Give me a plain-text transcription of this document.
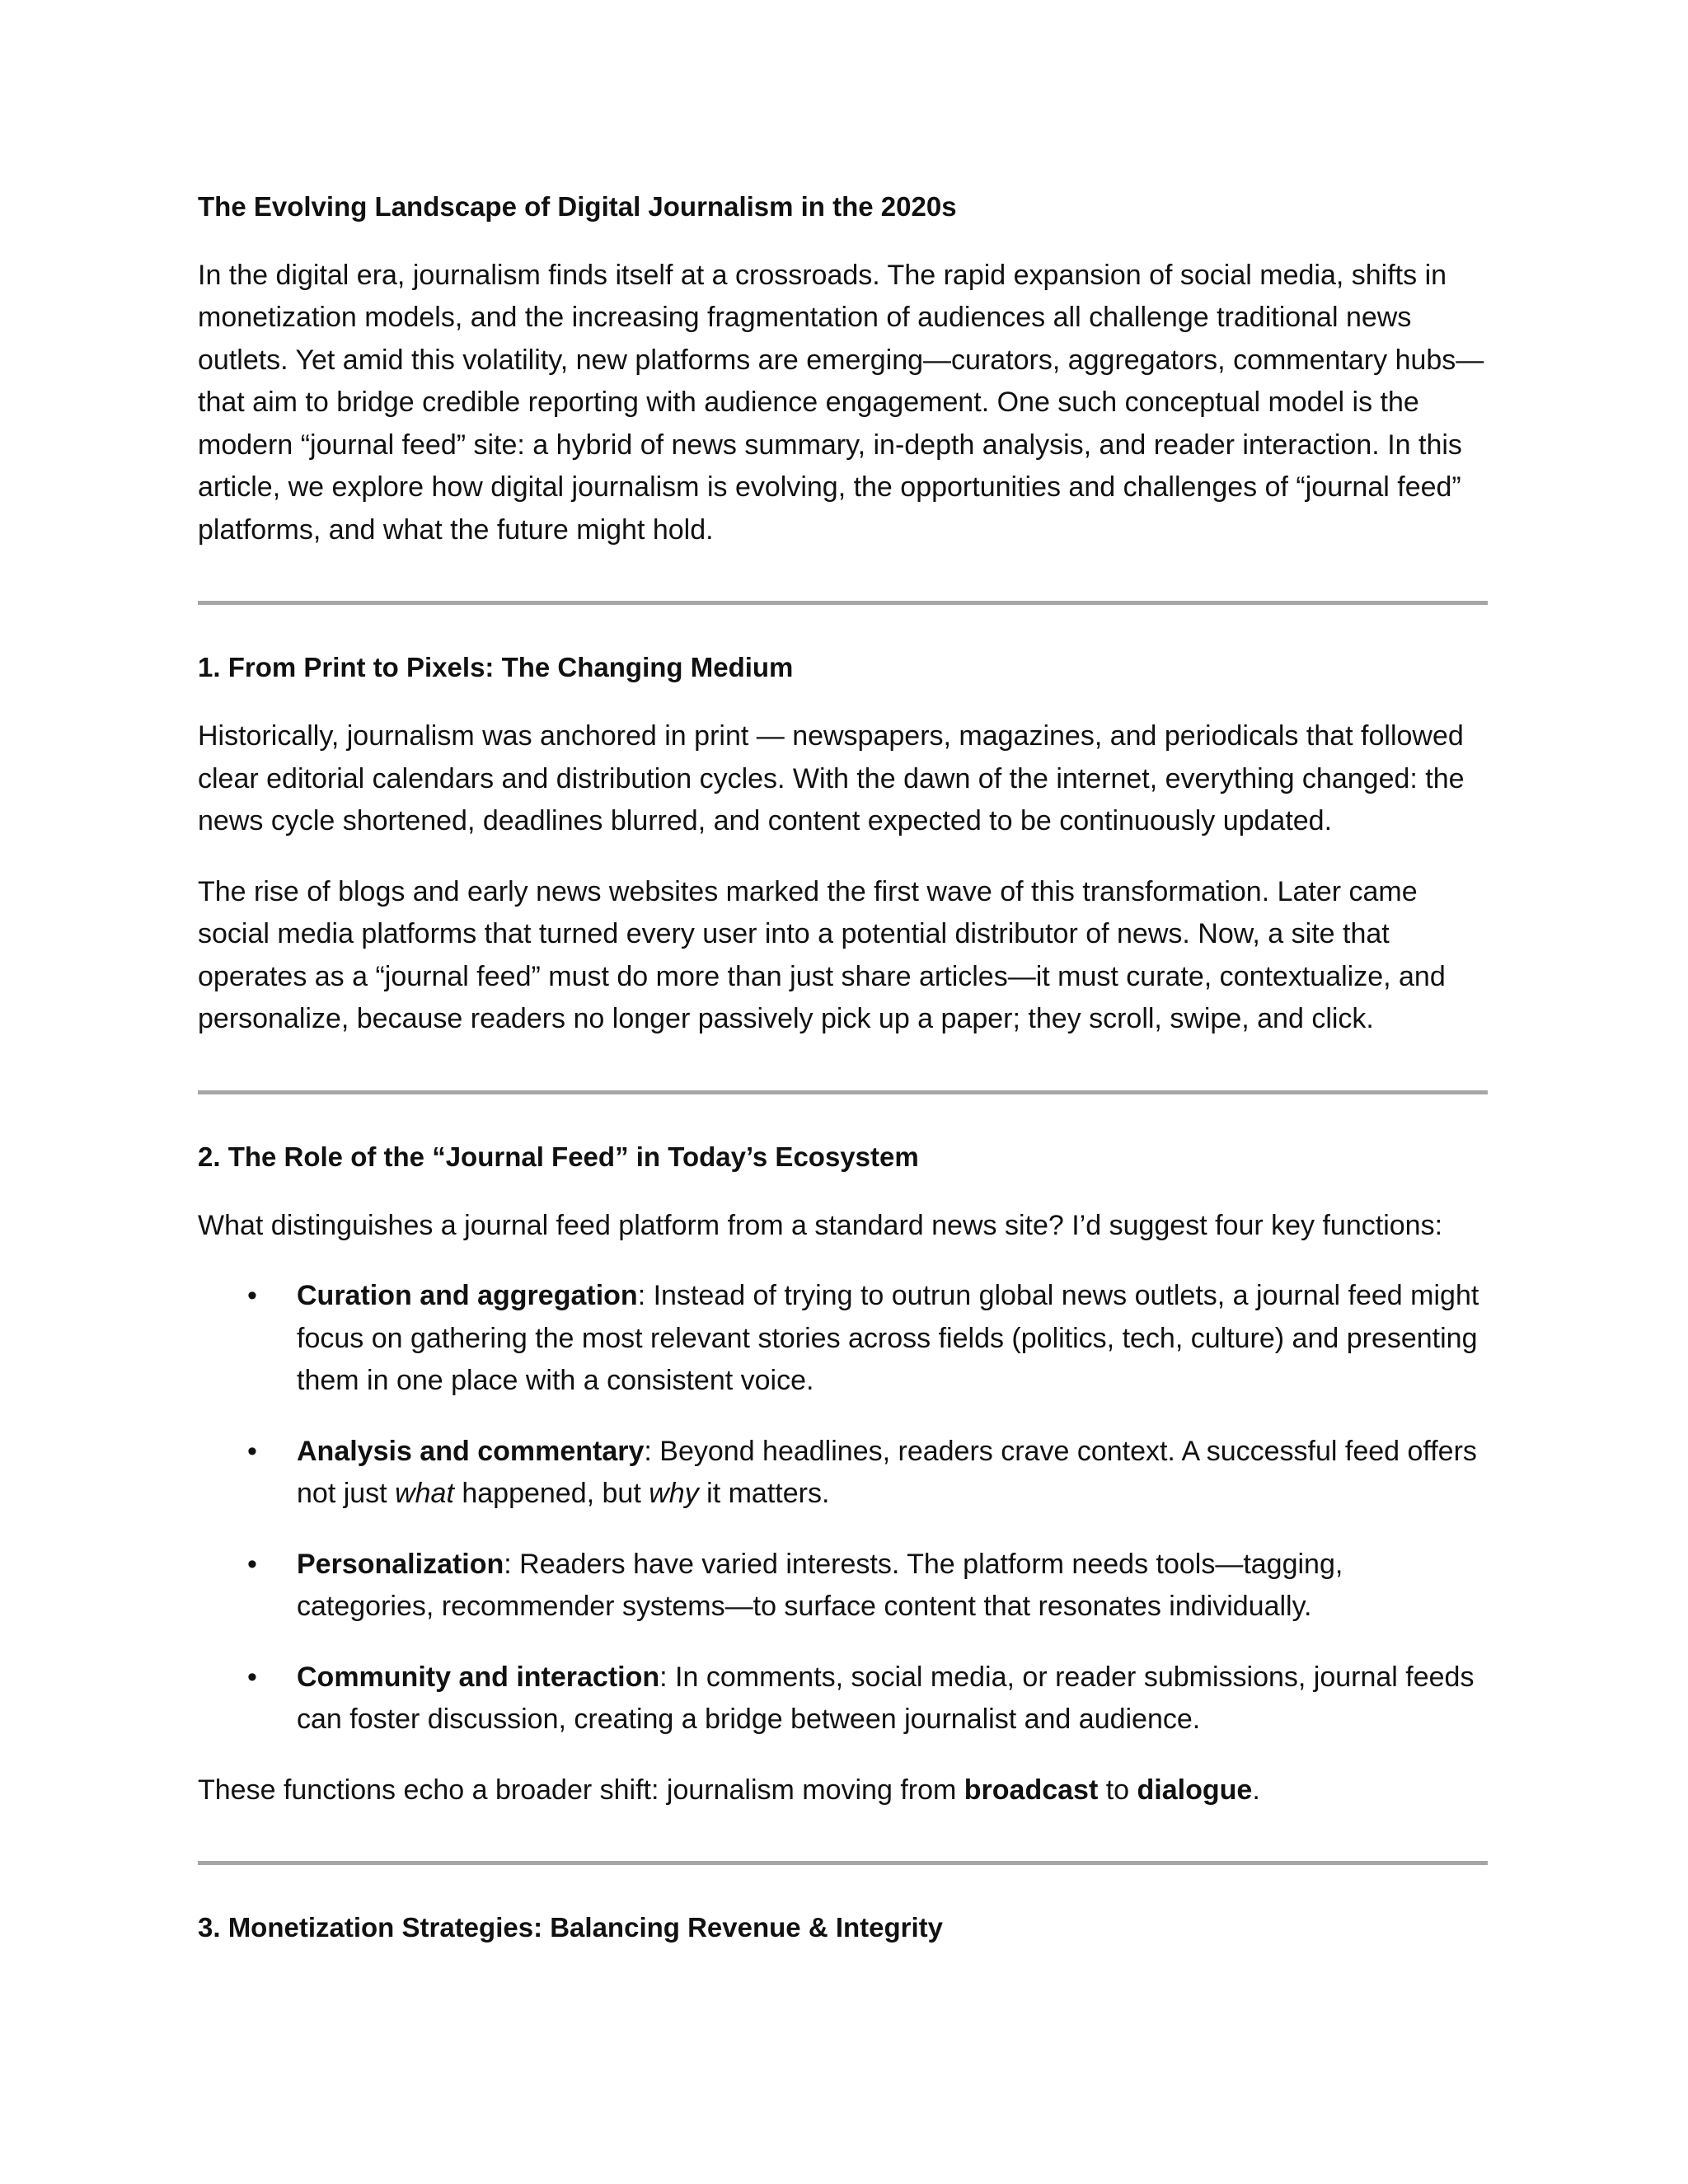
The Evolving Landscape of Digital Journalism in the 2020s

In the digital era, journalism finds itself at a crossroads. The rapid expansion of social media, shifts in monetization models, and the increasing fragmentation of audiences all challenge traditional news outlets. Yet amid this volatility, new platforms are emerging—curators, aggregators, commentary hubs—that aim to bridge credible reporting with audience engagement. One such conceptual model is the modern “journal feed” site: a hybrid of news summary, in-depth analysis, and reader interaction. In this article, we explore how digital journalism is evolving, the opportunities and challenges of “journal feed” platforms, and what the future might hold.

1. From Print to Pixels: The Changing Medium

Historically, journalism was anchored in print — newspapers, magazines, and periodicals that followed clear editorial calendars and distribution cycles. With the dawn of the internet, everything changed: the news cycle shortened, deadlines blurred, and content expected to be continuously updated.

The rise of blogs and early news websites marked the first wave of this transformation. Later came social media platforms that turned every user into a potential distributor of news. Now, a site that operates as a “journal feed” must do more than just share articles—it must curate, contextualize, and personalize, because readers no longer passively pick up a paper; they scroll, swipe, and click.

2. The Role of the “Journal Feed” in Today’s Ecosystem

What distinguishes a journal feed platform from a standard news site? I’d suggest four key functions:

• Curation and aggregation: Instead of trying to outrun global news outlets, a journal feed might focus on gathering the most relevant stories across fields (politics, tech, culture) and presenting them in one place with a consistent voice.
• Analysis and commentary: Beyond headlines, readers crave context. A successful feed offers not just what happened, but why it matters.
• Personalization: Readers have varied interests. The platform needs tools—tagging, categories, recommender systems—to surface content that resonates individually.
• Community and interaction: In comments, social media, or reader submissions, journal feeds can foster discussion, creating a bridge between journalist and audience.

These functions echo a broader shift: journalism moving from broadcast to dialogue.

3. Monetization Strategies: Balancing Revenue & Integrity
